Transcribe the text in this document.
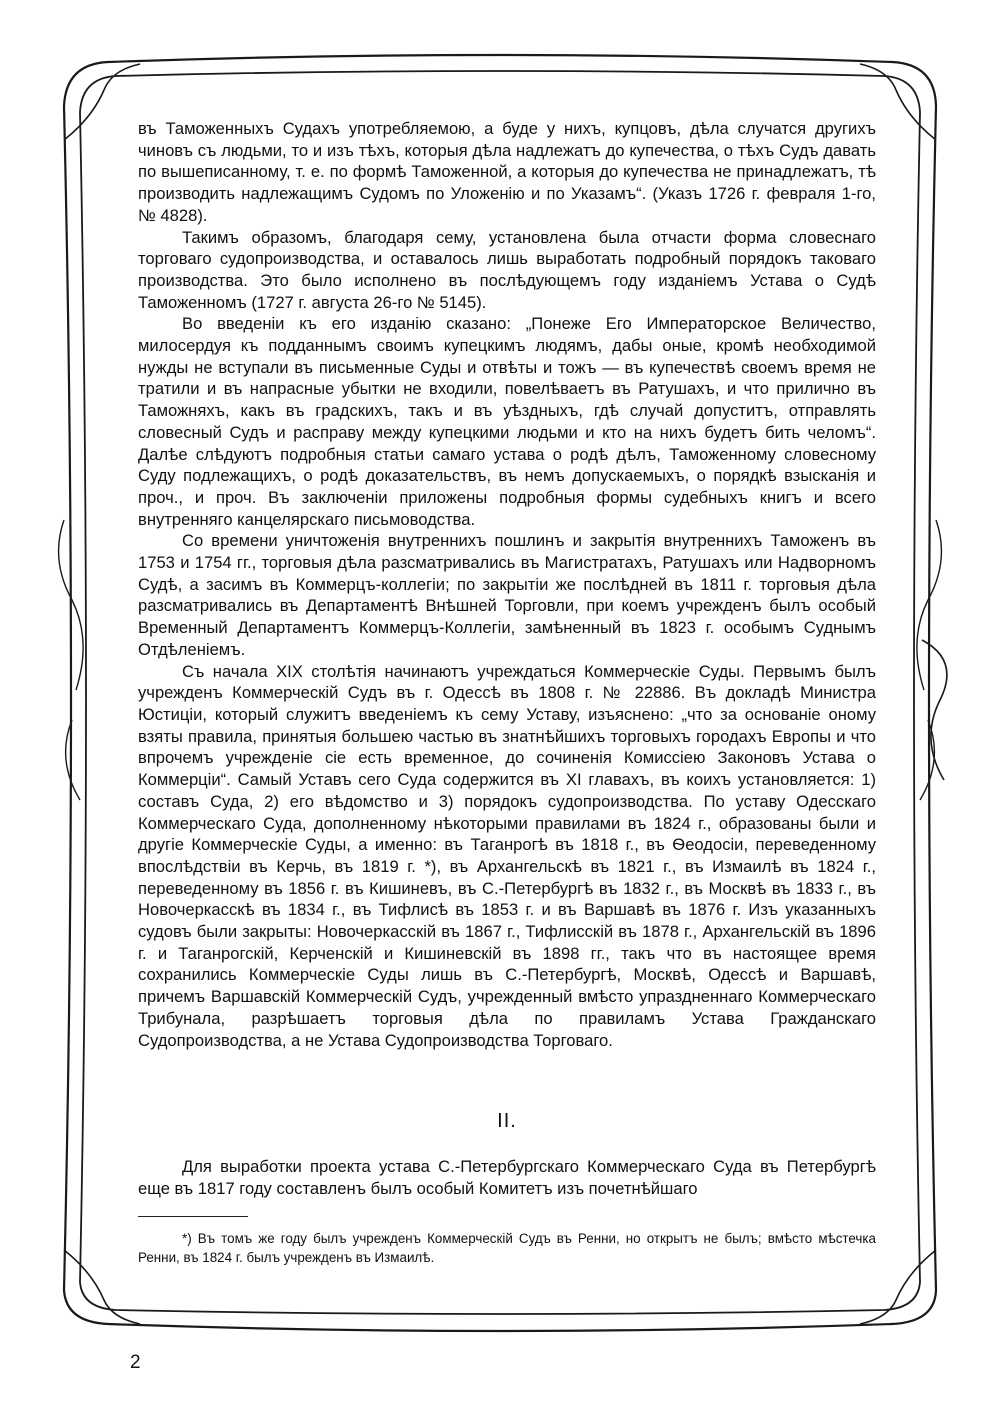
въ Таможенныхъ Судахъ употребляемою, а буде у нихъ, купцовъ, дѣла случатся другихъ чиновъ съ людьми, то и изъ тѣхъ, которыя дѣла надлежатъ до купечества, о тѣхъ Судъ давать по вышеписанному, т. е. по формѣ Таможенной, а которыя до купечества не принадлежатъ, тѣ производить надлежащимъ Судомъ по Уложенію и по Указамъ“. (Указъ 1726 г. февраля 1-го, № 4828).

Такимъ образомъ, благодаря сему, установлена была отчасти форма словеснаго торговаго судопроизводства, и оставалось лишь выработать подробный порядокъ таковаго производства. Это было исполнено въ послѣдующемъ году изданіемъ Устава о Судѣ Таможенномъ (1727 г. августа 26-го № 5145).

Во введеніи къ его изданію сказано: „Понеже Его Императорское Величество, милосердуя къ подданнымъ своимъ купецкимъ людямъ, дабы оные, кромѣ необходимой нужды не вступали въ письменные Суды и отвѣты и тожъ — въ купечествѣ своемъ время не тратили и въ напрасные убытки не входили, повелѣваетъ въ Ратушахъ, и что прилично въ Таможняхъ, какъ въ градскихъ, такъ и въ уѣздныхъ, гдѣ случай допуститъ, отправлять словесный Судъ и расправу между купецкими людьми и кто на нихъ будетъ бить челомъ“. Далѣе слѣдуютъ подробныя статьи самаго устава о родѣ дѣлъ, Таможенному словесному Суду подлежащихъ, о родѣ доказательствъ, въ немъ допускаемыхъ, о порядкѣ взысканія и проч., и проч. Въ заключеніи приложены подробныя формы судебныхъ книгъ и всего внутренняго канцелярскаго письмоводства.

Со времени уничтоженія внутреннихъ пошлинъ и закрытія внутреннихъ Таможенъ въ 1753 и 1754 гг., торговыя дѣла разсматривались въ Магистратахъ, Ратушахъ или Надворномъ Судѣ, а засимъ въ Коммерцъ-коллегіи; по закрытіи же послѣдней въ 1811 г. торговыя дѣла разсматривались въ Департаментѣ Внѣшней Торговли, при коемъ учрежденъ былъ особый Временный Департаментъ Коммерцъ-Коллегіи, замѣненный въ 1823 г. особымъ Суднымъ Отдѣленіемъ.

Съ начала XIX столѣтія начинаютъ учреждаться Коммерческіе Суды. Первымъ былъ учрежденъ Коммерческій Судъ въ г. Одессѣ въ 1808 г. № 22886. Въ докладѣ Министра Юстиціи, который служитъ введеніемъ къ сему Уставу, изъяснено: „что за основаніе оному взяты правила, принятыя большею частью въ знатнѣйшихъ торговыхъ городахъ Европы и что впрочемъ учрежденіе сіе есть временное, до сочиненія Комиссіею Законовъ Устава о Коммерціи“. Самый Уставъ сего Суда содержится въ XI главахъ, въ коихъ установляется: 1) составъ Суда, 2) его вѣдомство и 3) порядокъ судопроизводства. По уставу Одесскаго Коммерческаго Суда, дополненному нѣкоторыми правилами въ 1824 г., образованы были и другіе Коммерческіе Суды, а именно: въ Таганрогѣ въ 1818 г., въ Ѳеодосіи, переведенному впослѣдствіи въ Керчь, въ 1819 г. *), въ Архангельскѣ въ 1821 г., въ Измаилѣ въ 1824 г., переведенному въ 1856 г. въ Кишиневъ, въ С.-Петербургѣ въ 1832 г., въ Москвѣ въ 1833 г., въ Новочеркасскѣ въ 1834 г., въ Тифлисѣ въ 1853 г. и въ Варшавѣ въ 1876 г. Изъ указанныхъ судовъ были закрыты: Новочеркасскій въ 1867 г., Тифлисскій въ 1878 г., Архангельскій въ 1896 г. и Таганрогскій, Керченскій и Кишиневскій въ 1898 гг., такъ что въ настоящее время сохранились Коммерческіе Суды лишь въ С.-Петербургѣ, Москвѣ, Одессѣ и Варшавѣ, причемъ Варшавскій Коммерческій Судъ, учрежденный вмѣсто упраздненнаго Коммерческаго Трибунала, разрѣшаетъ торговыя дѣла по правиламъ Устава Гражданскаго Судопроизводства, а не Устава Судопроизводства Торговаго.

II.

Для выработки проекта устава С.-Петербургскаго Коммерческаго Суда въ Петербургѣ еще въ 1817 году составленъ былъ особый Комитетъ изъ почетнѣйшаго

*) Въ томъ же году былъ учрежденъ Коммерческій Судъ въ Ренни, но открытъ не былъ; вмѣсто мѣстечка Ренни, въ 1824 г. былъ учрежденъ въ Измаилѣ.
2
